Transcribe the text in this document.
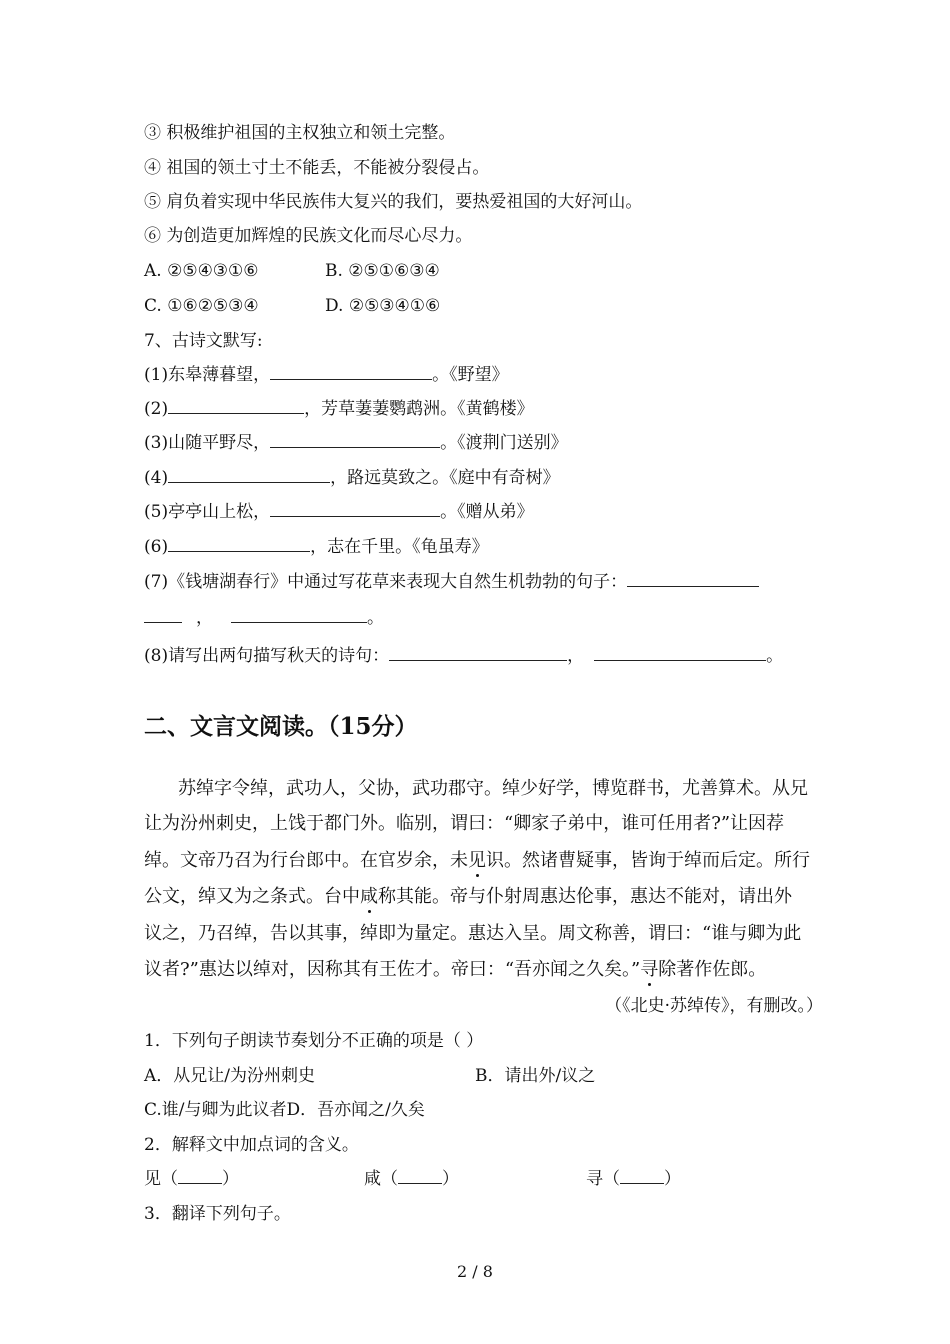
③ 积极维护祖国的主权独立和领土完整。
④ 祖国的领土寸土不能丢，不能被分裂侵占。
⑤ 肩负着实现中华民族伟大复兴的我们，要热爱祖国的大好河山。
⑥ 为创造更加辉煌的民族文化而尽心尽力。
A. ②⑤④③①⑥	B. ②⑤①⑥③④
C. ①⑥②⑤③④	D. ②⑤③④①⑥
7、古诗文默写:
(1)东皋薄暮望，	。《野望》
(2)	，芳草萋萋鹦鹉洲。《黄鹤楼》
(3)山随平野尽，	。《渡荆门送别》
(4)	，路远莫致之。《庭中有奇树》
(5)亭亭山上松，	。《赠从弟》
(6)	，志在千里。《龟虽寿》
(7)《钱塘湖春行》中通过写花草来表现大自然生机勃勃的句子：
，	。
(8)请写出两句描写秋天的诗句：	，	。
二、文言文阅读。（15分）
苏绰字令绰，武功人，父协，武功郡守。绰少好学，博览群书，尤善算术。从兄
让为汾州刺史，上饯于都门外。临别，谓曰：“卿家子弟中，谁可任用者?”让因荐
绰。文帝乃召为行台郎中。在官岁余，未见识。然诸曹疑事，皆询于绰而后定。所行
公文，绰又为之条式。台中咸称其能。帝与仆射周惠达伦事，惠达不能对，请出外
议之，乃召绰，告以其事，绰即为量定。惠达入呈。周文称善，谓曰：“谁与卿为此
议者?”惠达以绰对，因称其有王佐才。帝曰：“吾亦闻之久矣。”寻除著作佐郎。
（《北史·苏绰传》，有删改。）
1．下列句子朗读节奏划分不正确的项是（ ）
A．从兄让/为汾州刺史	B．请出外/议之
C.谁/与卿为此议者D．吾亦闻之/久矣
2．解释文中加点词的含义。
见（	）	咸（	）	寻（	）
3．翻译下列句子。
2 / 8
